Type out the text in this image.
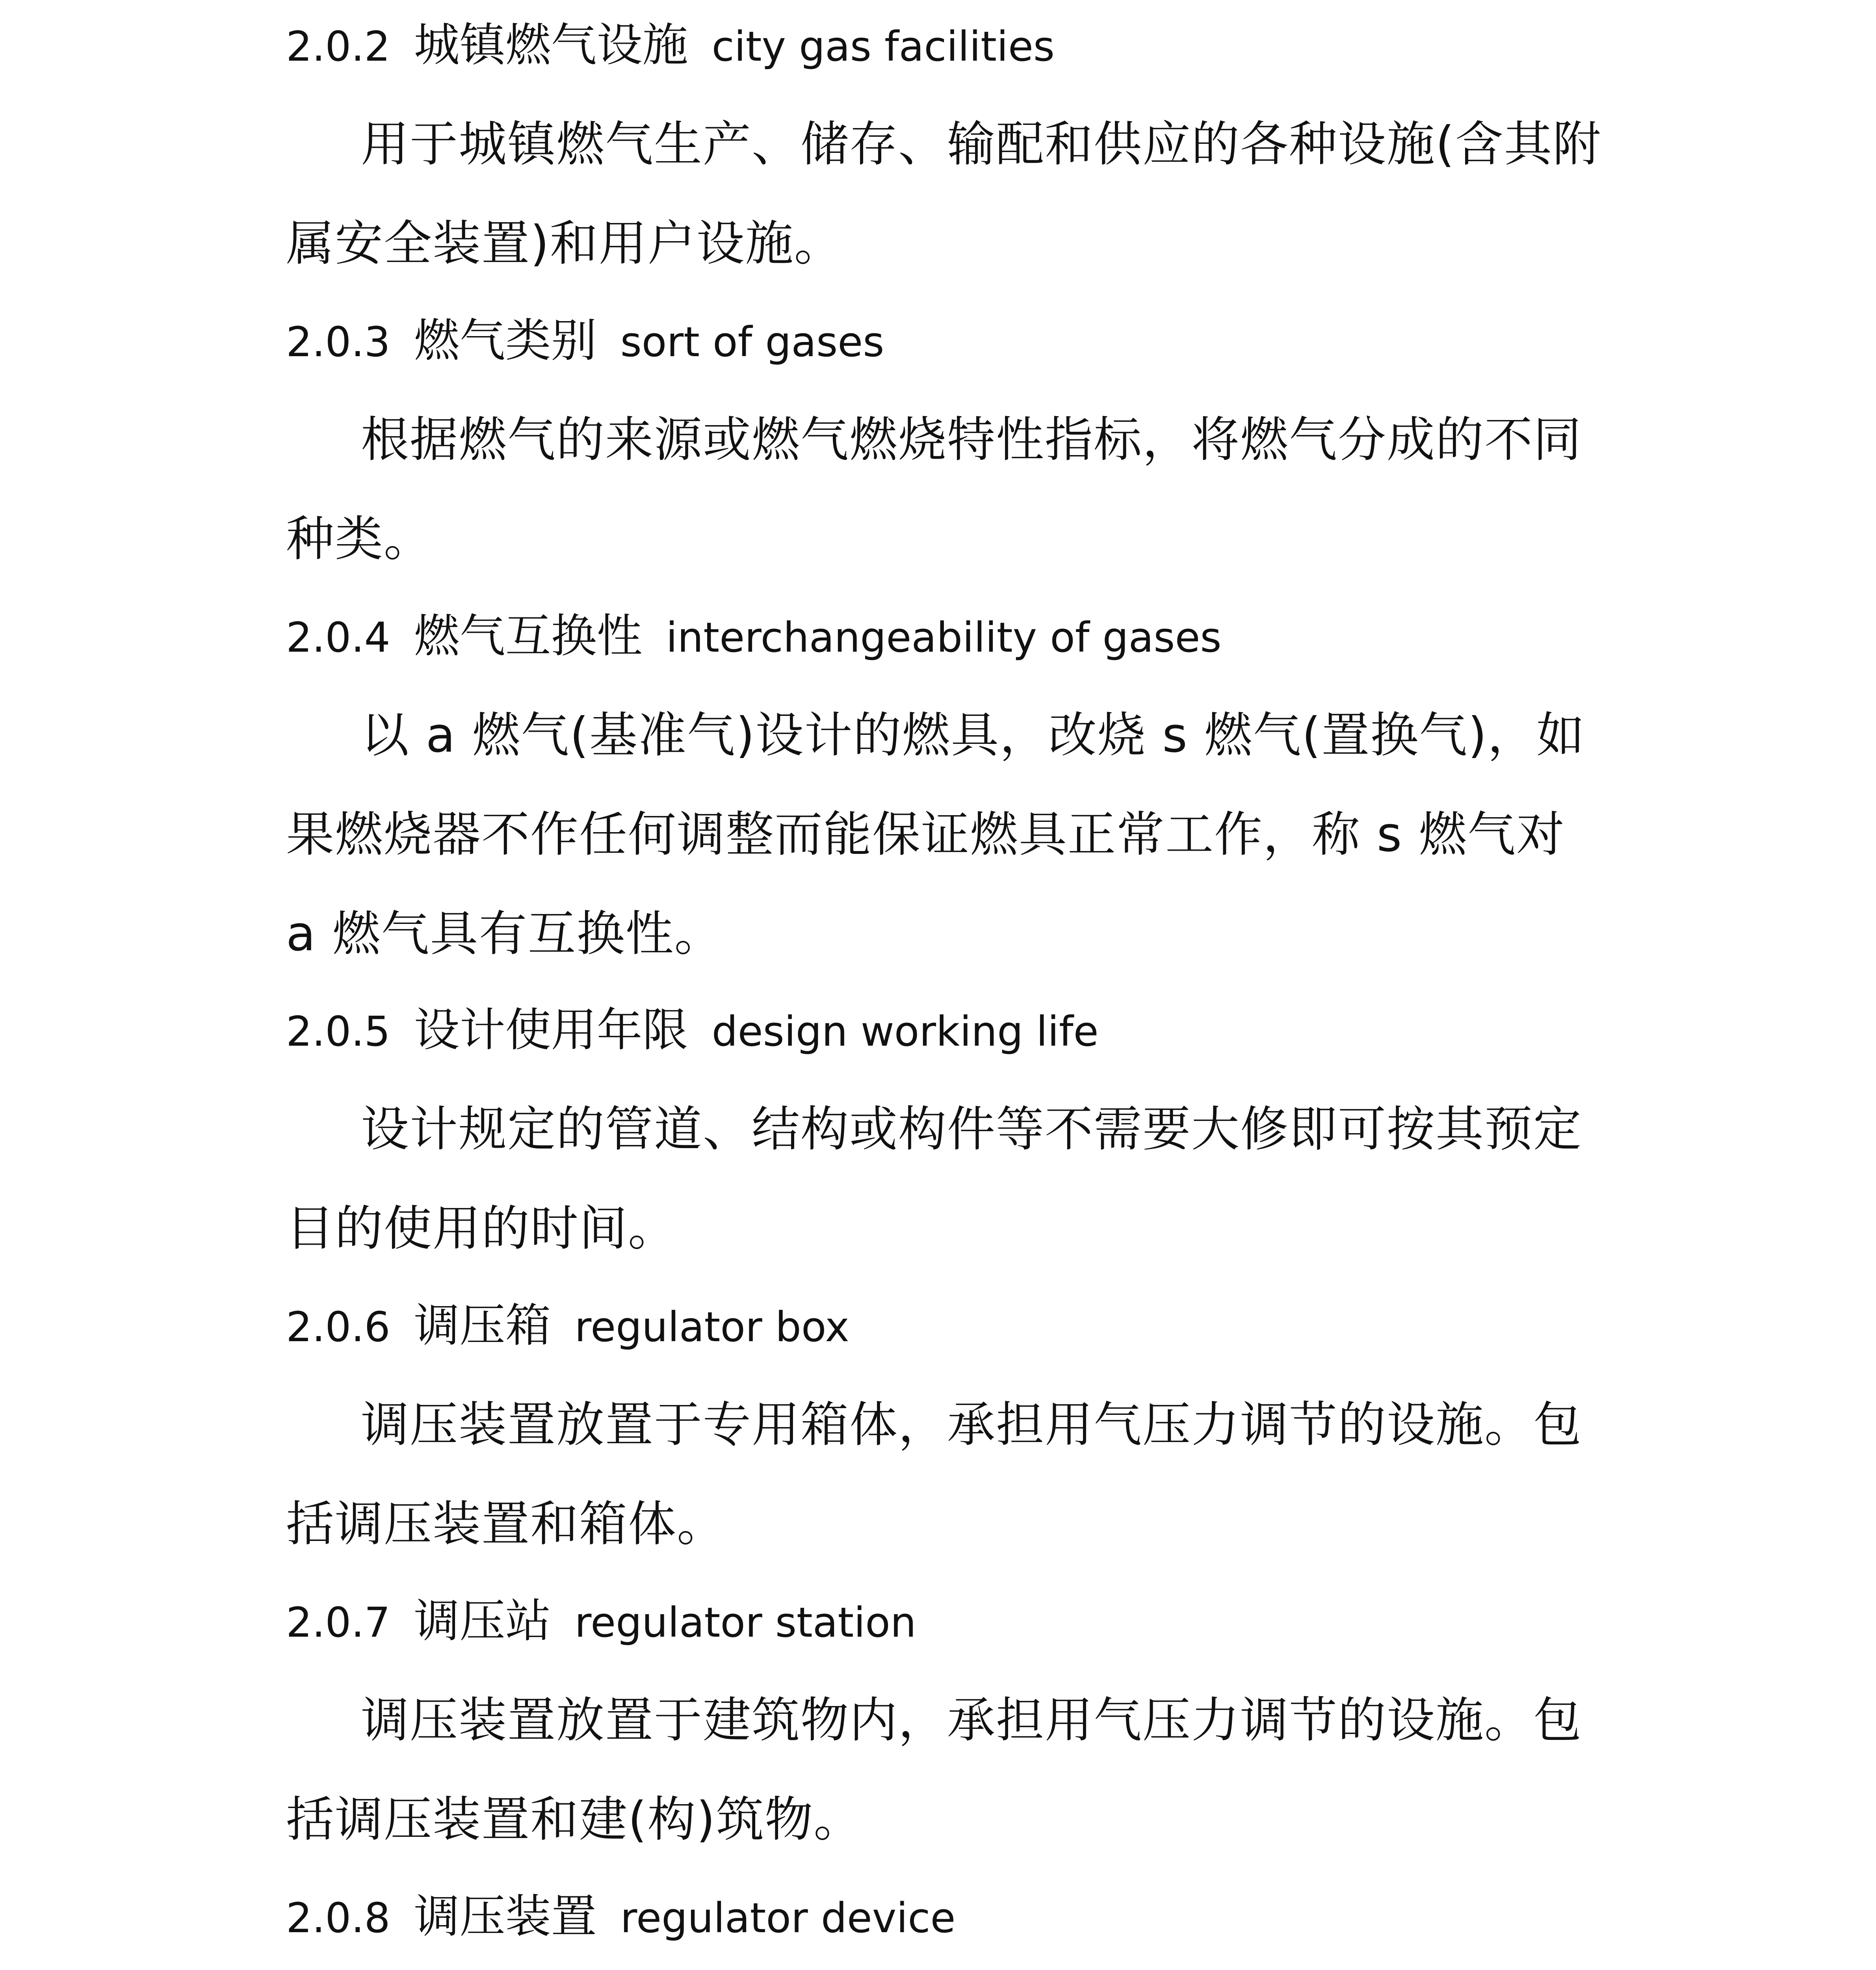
2.0.2 城镇燃气设施 city gas facilities
用于城镇燃气生产、储存、输配和供应的各种设施(含其附属安全装置)和用户设施。
2.0.3 燃气类别 sort of gases
根据燃气的来源或燃气燃烧特性指标，将燃气分成的不同种类。
2.0.4 燃气互换性 interchangeability of gases
以 a 燃气(基准气)设计的燃具，改烧 s 燃气(置换气)，如果燃烧器不作任何调整而能保证燃具正常工作，称 s 燃气对 a 燃气具有互换性。
2.0.5 设计使用年限 design working life
设计规定的管道、结构或构件等不需要大修即可按其预定目的使用的时间。
2.0.6 调压箱 regulator box
调压装置放置于专用箱体，承担用气压力调节的设施。包括调压装置和箱体。
2.0.7 调压站 regulator station
调压装置放置于建筑物内，承担用气压力调节的设施。包括调压装置和建(构)筑物。
2.0.8 调压装置 regulator device
